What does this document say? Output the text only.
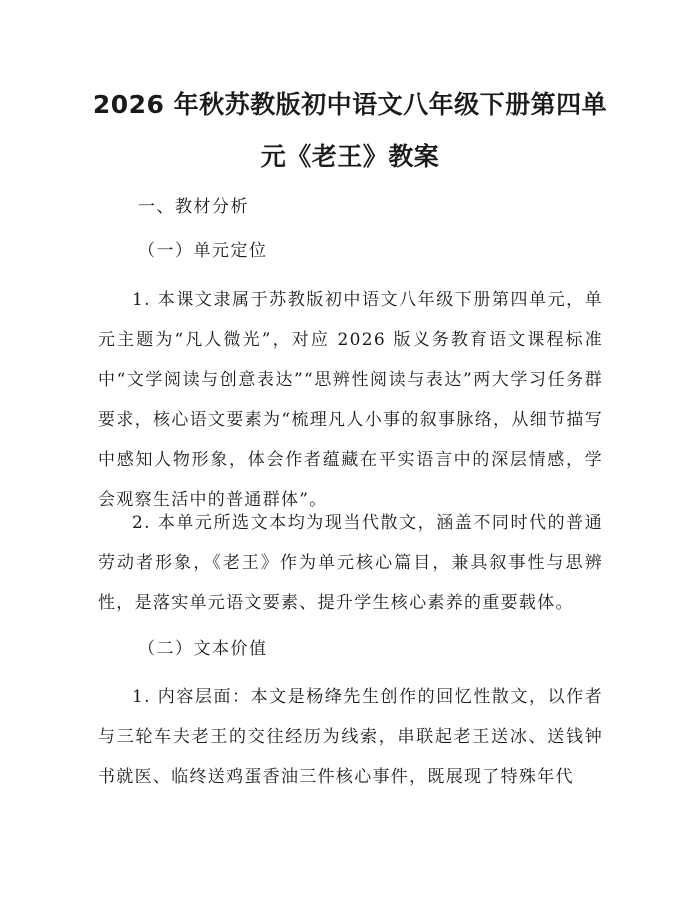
2026 年秋苏教版初中语文八年级下册第四单
元《老王》教案

一、教材分析

（一）单元定位

1. 本课文隶属于苏教版初中语文八年级下册第四单元，单元主题为“凡人微光”，对应 2026 版义务教育语文课程标准中“文学阅读与创意表达”“思辨性阅读与表达”两大学习任务群要求，核心语文要素为“梳理凡人小事的叙事脉络，从细节描写中感知人物形象，体会作者蕴藏在平实语言中的深层情感，学会观察生活中的普通群体”。

2. 本单元所选文本均为现当代散文，涵盖不同时代的普通劳动者形象，《老王》作为单元核心篇目，兼具叙事性与思辨性，是落实单元语文要素、提升学生核心素养的重要载体。

（二）文本价值

1. 内容层面：本文是杨绛先生创作的回忆性散文，以作者与三轮车夫老王的交往经历为线索，串联起老王送冰、送钱钟书就医、临终送鸡蛋香油三件核心事件，既展现了特殊年代
